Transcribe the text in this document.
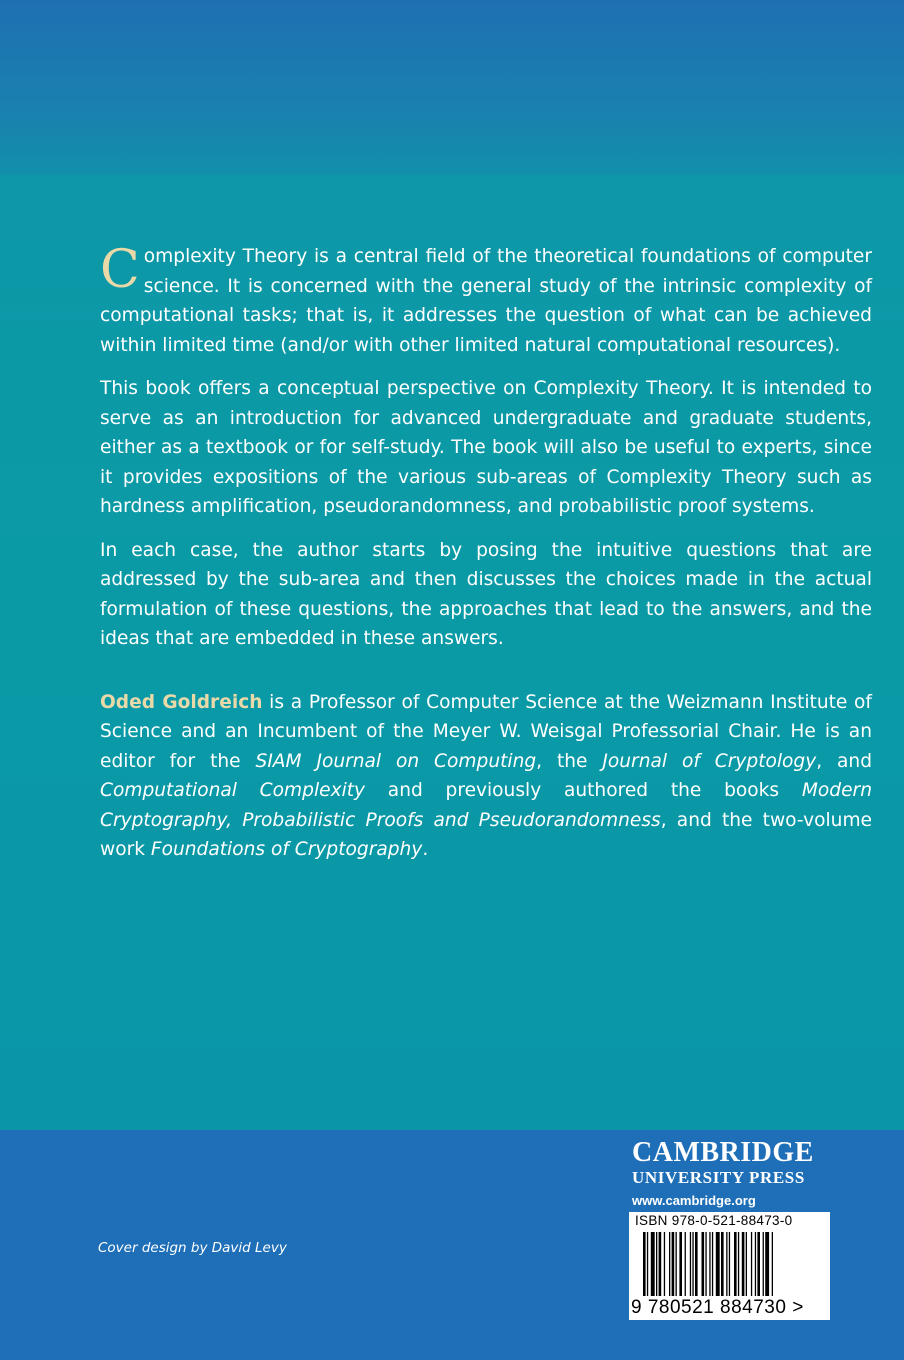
Complexity Theory is a central field of the theoretical foundations of computer science. It is concerned with the general study of the intrinsic complexity of computational tasks; that is, it addresses the question of what can be achieved within limited time (and/or with other limited natural computational resources).

This book offers a conceptual perspective on Complexity Theory. It is intended to serve as an introduction for advanced undergraduate and graduate students, either as a textbook or for self-study. The book will also be useful to experts, since it provides expositions of the various sub-areas of Complexity Theory such as hardness amplification, pseudorandomness, and probabilistic proof systems.

In each case, the author starts by posing the intuitive questions that are addressed by the sub-area and then discusses the choices made in the actual formulation of these questions, the approaches that lead to the answers, and the ideas that are embedded in these answers.

Oded Goldreich is a Professor of Computer Science at the Weizmann Institute of Science and an Incumbent of the Meyer W. Weisgal Professorial Chair. He is an editor for the SIAM Journal on Computing, the Journal of Cryptology, and Computational Complexity and previously authored the books Modern Cryptography, Probabilistic Proofs and Pseudorandomness, and the two-volume work Foundations of Cryptography.

Cover design by David Levy
CAMBRIDGE
UNIVERSITY PRESS
www.cambridge.org
ISBN 978-0-521-88473-0
9 780521 884730 >
